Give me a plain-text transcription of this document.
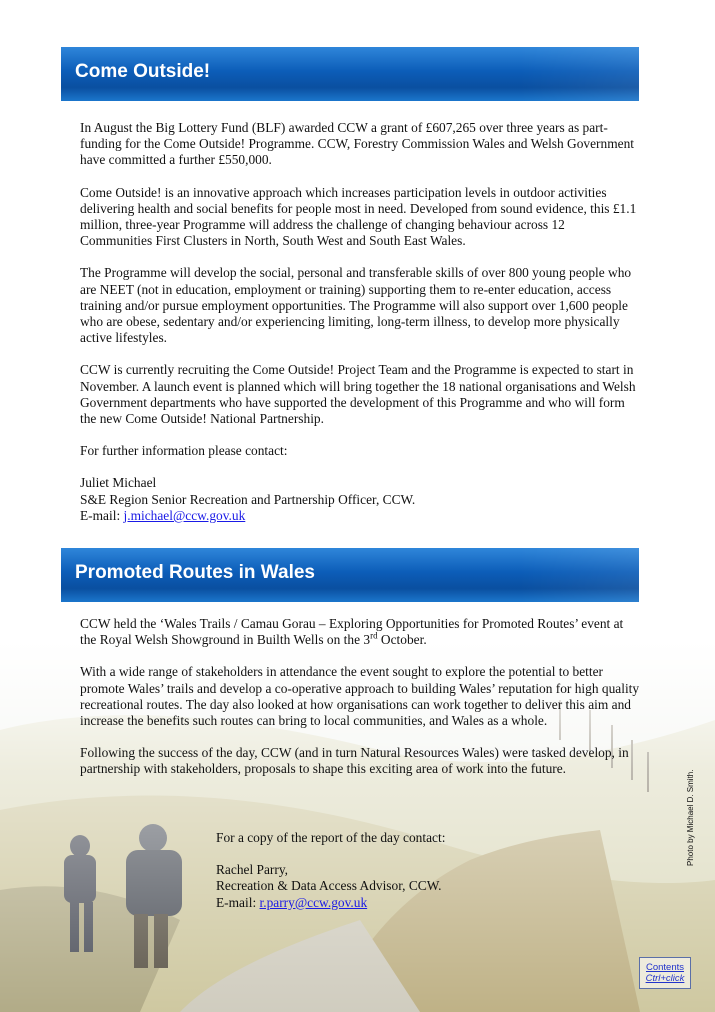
Come Outside!

In August the Big Lottery Fund (BLF) awarded CCW a grant of £607,265 over three years as part-funding for the Come Outside! Programme. CCW, Forestry Commission Wales and Welsh Government have committed a further £550,000.

Come Outside! is an innovative approach which increases participation levels in outdoor activities delivering health and social benefits for people most in need. Developed from sound evidence, this £1.1 million, three-year Programme will address the challenge of changing behaviour across 12 Communities First Clusters in North, South West and South East Wales.

The Programme will develop the social, personal and transferable skills of over 800 young people who are NEET (not in education, employment or training) supporting them to re-enter education, access training and/or pursue employment opportunities. The Programme will also support over 1,600 people who are obese, sedentary and/or experiencing limiting, long-term illness, to develop more physically active lifestyles.

CCW is currently recruiting the Come Outside! Project Team and the Programme is expected to start in November. A launch event is planned which will bring together the 18 national organisations and Welsh Government departments who have supported the development of this Programme and who will form the new Come Outside! National Partnership.

For further information please contact:

Juliet Michael
S&E Region Senior Recreation and Partnership Officer, CCW.
E-mail: j.michael@ccw.gov.uk
Promoted Routes in Wales

CCW held the ‘Wales Trails / Camau Gorau – Exploring Opportunities for Promoted Routes’ event at the Royal Welsh Showground in Builth Wells on the 3rd October.

With a wide range of stakeholders in attendance the event sought to explore the potential to better promote Wales’ trails and develop a co-operative approach to building Wales’ reputation for high quality recreational routes. The day also looked at how organisations can work together to deliver this aim and increase the benefits such routes can bring to local communities, and Wales as a whole.

Following the success of the day, CCW (and in turn Natural Resources Wales) were tasked develop, in partnership with stakeholders, proposals to shape this exciting area of work into the future.

For a copy of the report of the day contact:

Rachel Parry,
Recreation & Data Access Advisor, CCW.
E-mail: r.parry@ccw.gov.uk
Photo by Michael D. Smith.
Contents
Ctrl+click
